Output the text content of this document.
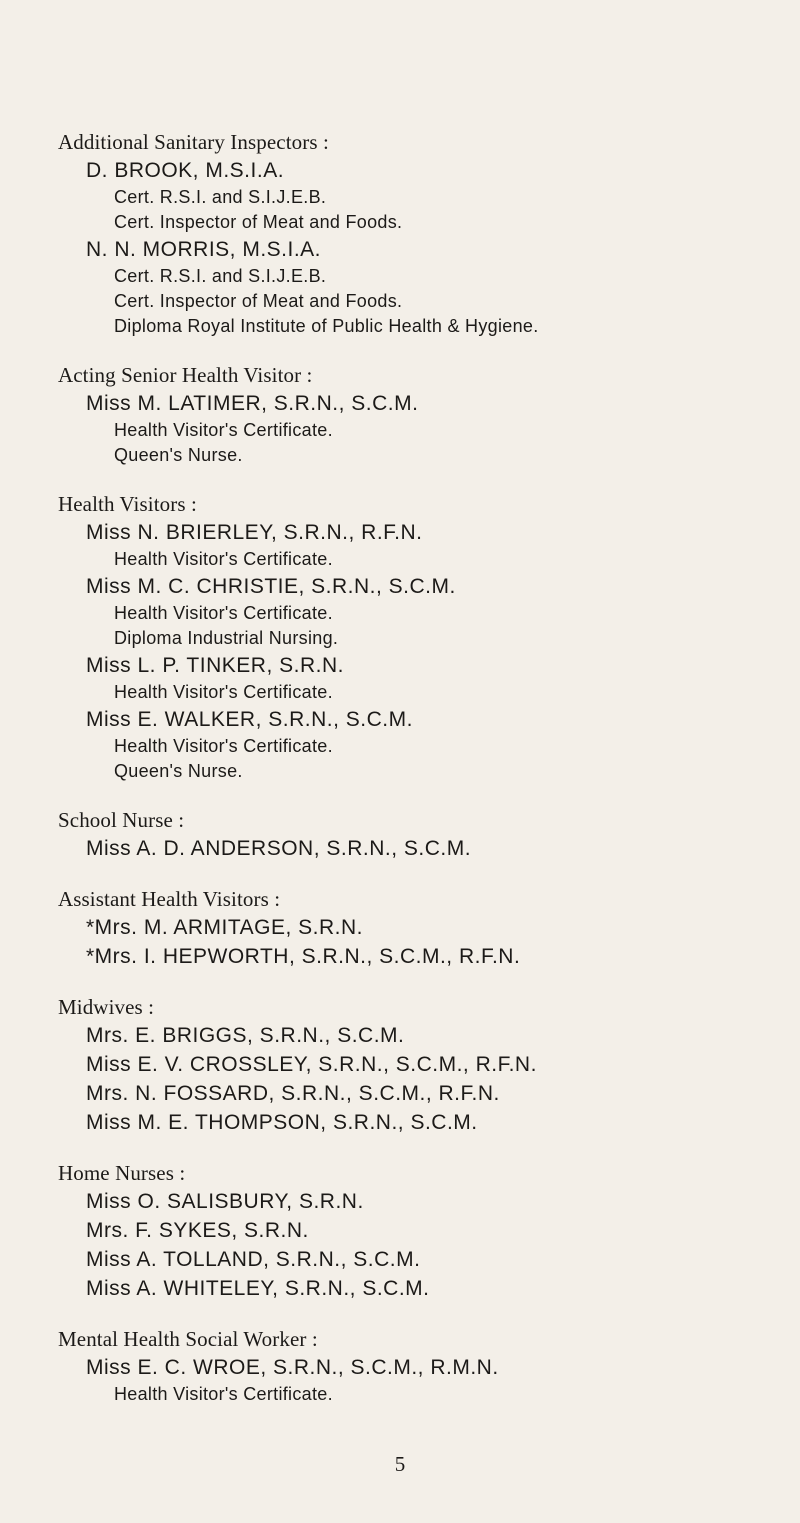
Additional Sanitary Inspectors :
D. BROOK, M.S.I.A.
Cert. R.S.I. and S.I.J.E.B.
Cert. Inspector of Meat and Foods.
N. N. MORRIS, M.S.I.A.
Cert. R.S.I. and S.I.J.E.B.
Cert. Inspector of Meat and Foods.
Diploma Royal Institute of Public Health & Hygiene.
Acting Senior Health Visitor :
Miss M. LATIMER, S.R.N., S.C.M.
Health Visitor's Certificate.
Queen's Nurse.
Health Visitors :
Miss N. BRIERLEY, S.R.N., R.F.N.
Health Visitor's Certificate.
Miss M. C. CHRISTIE, S.R.N., S.C.M.
Health Visitor's Certificate.
Diploma Industrial Nursing.
Miss L. P. TINKER, S.R.N.
Health Visitor's Certificate.
Miss E. WALKER, S.R.N., S.C.M.
Health Visitor's Certificate.
Queen's Nurse.
School Nurse :
Miss A. D. ANDERSON, S.R.N., S.C.M.
Assistant Health Visitors :
*Mrs. M. ARMITAGE, S.R.N.
*Mrs. I. HEPWORTH, S.R.N., S.C.M., R.F.N.
Midwives :
Mrs. E. BRIGGS, S.R.N., S.C.M.
Miss E. V. CROSSLEY, S.R.N., S.C.M., R.F.N.
Mrs. N. FOSSARD, S.R.N., S.C.M., R.F.N.
Miss M. E. THOMPSON, S.R.N., S.C.M.
Home Nurses :
Miss O. SALISBURY, S.R.N.
Mrs. F. SYKES, S.R.N.
Miss A. TOLLAND, S.R.N., S.C.M.
Miss A. WHITELEY, S.R.N., S.C.M.
Mental Health Social Worker :
Miss E. C. WROE, S.R.N., S.C.M., R.M.N.
Health Visitor's Certificate.
5
